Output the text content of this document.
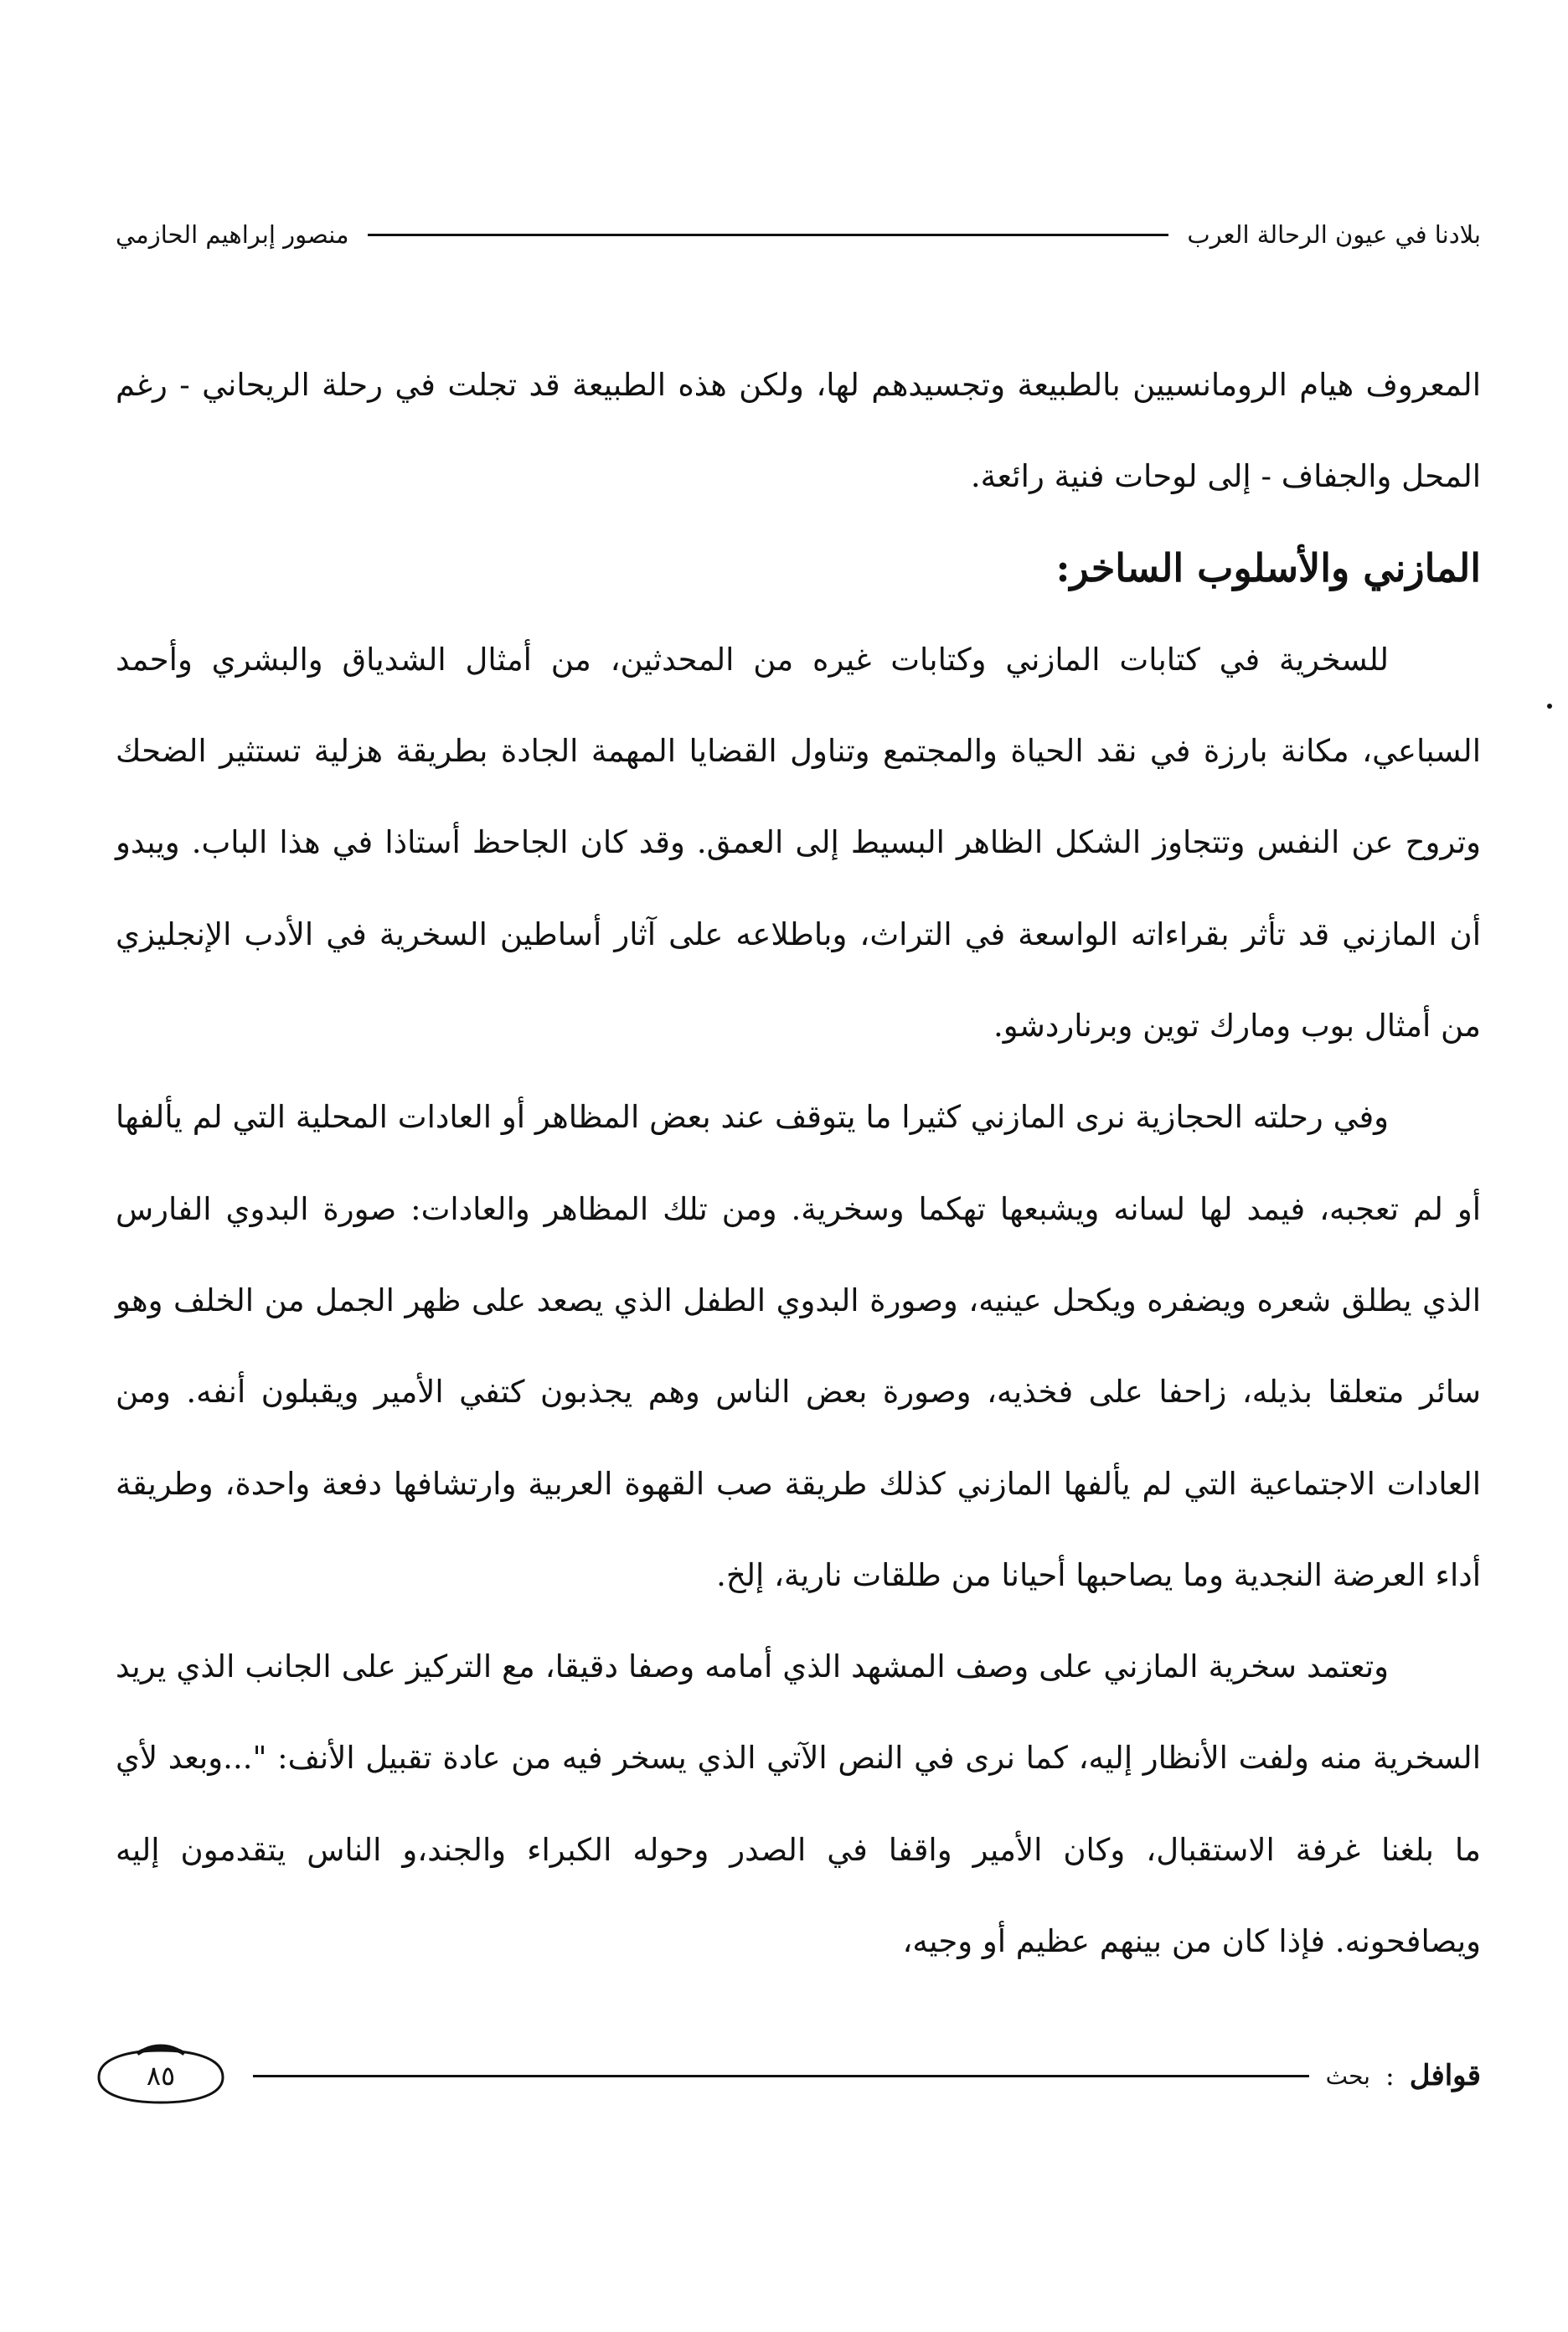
بلادنا في عيون الرحالة العرب
منصور إبراهيم الحازمي

المعروف هيام الرومانسيين بالطبيعة وتجسيدهم لها، ولكن هذه الطبيعة قد تجلت في رحلة الريحاني - رغم المحل والجفاف - إلى لوحات فنية رائعة.

المازني والأسلوب الساخر:

للسخرية في كتابات المازني وكتابات غيره من المحدثين، من أمثال الشدياق والبشري وأحمد السباعي، مكانة بارزة في نقد الحياة والمجتمع وتناول القضايا المهمة الجادة بطريقة هزلية تستثير الضحك وتروح عن النفس وتتجاوز الشكل الظاهر البسيط إلى العمق. وقد كان الجاحظ أستاذا في هذا الباب. ويبدو أن المازني قد تأثر بقراءاته الواسعة في التراث، وباطلاعه على آثار أساطين السخرية في الأدب الإنجليزي من أمثال بوب ومارك توين وبرناردشو.

وفي رحلته الحجازية نرى المازني كثيرا ما يتوقف عند بعض المظاهر أو العادات المحلية التي لم يألفها أو لم تعجبه، فيمد لها لسانه ويشبعها تهكما وسخرية. ومن تلك المظاهر والعادات: صورة البدوي الفارس الذي يطلق شعره ويضفره ويكحل عينيه، وصورة البدوي الطفل الذي يصعد على ظهر الجمل من الخلف وهو سائر متعلقا بذيله، زاحفا على فخذيه، وصورة بعض الناس وهم يجذبون كتفي الأمير ويقبلون أنفه. ومن العادات الاجتماعية التي لم يألفها المازني كذلك طريقة صب القهوة العربية وارتشافها دفعة واحدة، وطريقة أداء العرضة النجدية وما يصاحبها أحيانا من طلقات نارية، إلخ.

وتعتمد سخرية المازني على وصف المشهد الذي أمامه وصفا دقيقا، مع التركيز على الجانب الذي يريد السخرية منه ولفت الأنظار إليه، كما نرى في النص الآتي الذي يسخر فيه من عادة تقبيل الأنف: "...وبعد لأي ما بلغنا غرفة الاستقبال، وكان الأمير واقفا في الصدر وحوله الكبراء والجند،و الناس يتقدمون إليه ويصافحونه. فإذا كان من بينهم عظيم أو وجيه،

قوافل
:
بحث
٨٥
